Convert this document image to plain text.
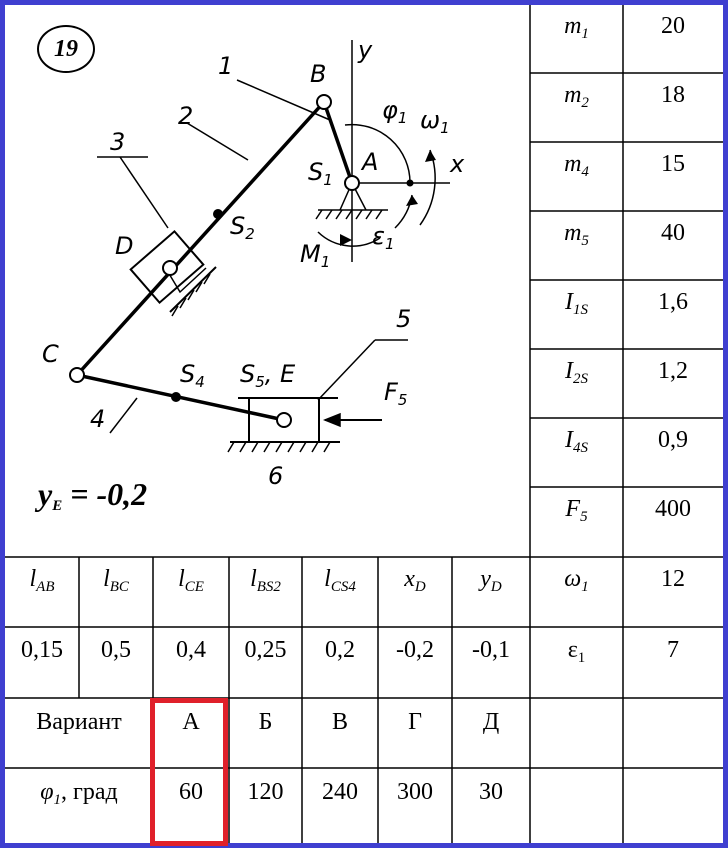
19
1
2
3
4
5
6
B
A
C
D
y
x
$S_1$
$S_2$
$S_4$ $S_5$, E
$\varphi_1$ $\omega_1$
$M_1$
$\varepsilon_1$
$F_5$
$y_E = -0,2$
$m_1$	20
$m_2$	18
$m_4$	15
$m_5$	40
$I_{1S}$	1,6
$I_{2S}$	1,2
$I_{4S}$	0,9
$F_5$	400
$\omega_1$	12
$\varepsilon_1$	7
$l_{AB}$	$l_{BC}$	$l_{CE}$	$l_{BS2}$	$l_{CS4}$	$x_D$	$y_D$
0,15	0,5	0,4	0,25	0,2	-0,2	-0,1
Вариант	А	Б	В	Г	Д
$\varphi_1$, град	60	120	240	300	30
